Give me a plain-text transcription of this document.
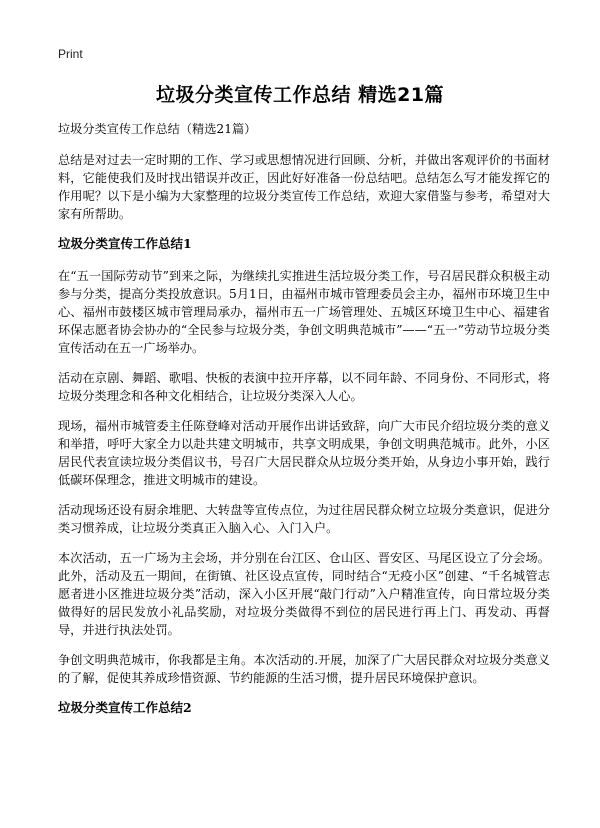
Print
垃圾分类宣传工作总结 精选21篇

垃圾分类宣传工作总结（精选21篇）

总结是对过去一定时期的工作、学习或思想情况进行回顾、分析，并做出客观评价的书面材料，它能使我们及时找出错误并改正，因此好好准备一份总结吧。总结怎么写才能发挥它的作用呢？以下是小编为大家整理的垃圾分类宣传工作总结，欢迎大家借鉴与参考，希望对大家有所帮助。

垃圾分类宣传工作总结1

在“五一国际劳动节”到来之际，为继续扎实推进生活垃圾分类工作，号召居民群众积极主动参与分类，提高分类投放意识。5月1日，由福州市城市管理委员会主办，福州市环境卫生中心、福州市鼓楼区城市管理局承办，福州市五一广场管理处、五城区环境卫生中心、福建省环保志愿者协会协办的“全民参与垃圾分类，争创文明典范城市”——“五一”劳动节垃圾分类宣传活动在五一广场举办。

活动在京剧、舞蹈、歌唱、快板的表演中拉开序幕，以不同年龄、不同身份、不同形式，将垃圾分类理念和各种文化相结合，让垃圾分类深入人心。

现场，福州市城管委主任陈登峰对活动开展作出讲话致辞，向广大市民介绍垃圾分类的意义和举措，呼吁大家全力以赴共建文明城市，共享文明成果，争创文明典范城市。此外，小区居民代表宣读垃圾分类倡议书，号召广大居民群众从垃圾分类开始，从身边小事开始，践行低碳环保理念，推进文明城市的建设。

活动现场还设有厨余堆肥、大转盘等宣传点位，为过往居民群众树立垃圾分类意识，促进分类习惯养成，让垃圾分类真正入脑入心、入门入户。

本次活动，五一广场为主会场，并分别在台江区、仓山区、晋安区、马尾区设立了分会场。此外，活动及五一期间，在街镇、社区设点宣传，同时结合“无疫小区”创建、“千名城管志愿者进小区推进垃圾分类”活动，深入小区开展“敲门行动”入户精准宣传，向日常垃圾分类做得好的居民发放小礼品奖励，对垃圾分类做得不到位的居民进行再上门、再发动、再督导，并进行执法处罚。

争创文明典范城市，你我都是主角。本次活动的.开展，加深了广大居民群众对垃圾分类意义的了解，促使其养成珍惜资源、节约能源的生活习惯，提升居民环境保护意识。

垃圾分类宣传工作总结2
